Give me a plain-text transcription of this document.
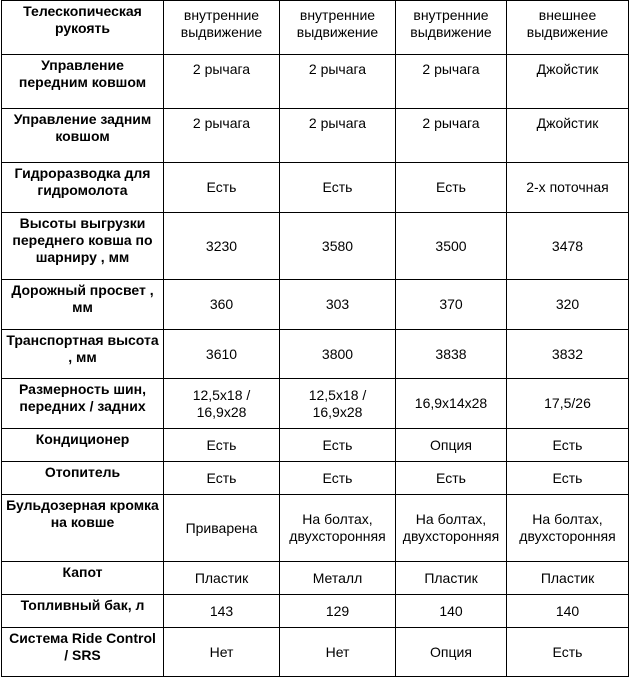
Телескопическая рукоять	внутренние выдвижение	внутренние выдвижение	внутренние выдвижение	внешнее выдвижение
Управление передним ковшом	2 рычага	2 рычага	2 рычага	Джойстик
Управление задним ковшом	2 рычага	2 рычага	2 рычага	Джойстик
Гидроразводка для гидромолота	Есть	Есть	Есть	2-х поточная
Высоты выгрузки переднего ковша по шарниру , мм	3230	3580	3500	3478
Дорожный просвет , мм	360	303	370	320
Транспортная высота , мм	3610	3800	3838	3832
Размерность шин, передних / задних	12,5x18 / 16,9x28	12,5x18 / 16,9x28	16,9x14x28	17,5/26
Кондиционер	Есть	Есть	Опция	Есть
Отопитель	Есть	Есть	Есть	Есть
Бульдозерная кромка на ковше	Приварена	На болтах, двухсторонняя	На болтах, двухсторонняя	На болтах, двухсторонняя
Капот	Пластик	Металл	Пластик	Пластик
Топливный бак, л	143	129	140	140
Система Ride Control / SRS	Нет	Нет	Опция	Есть
